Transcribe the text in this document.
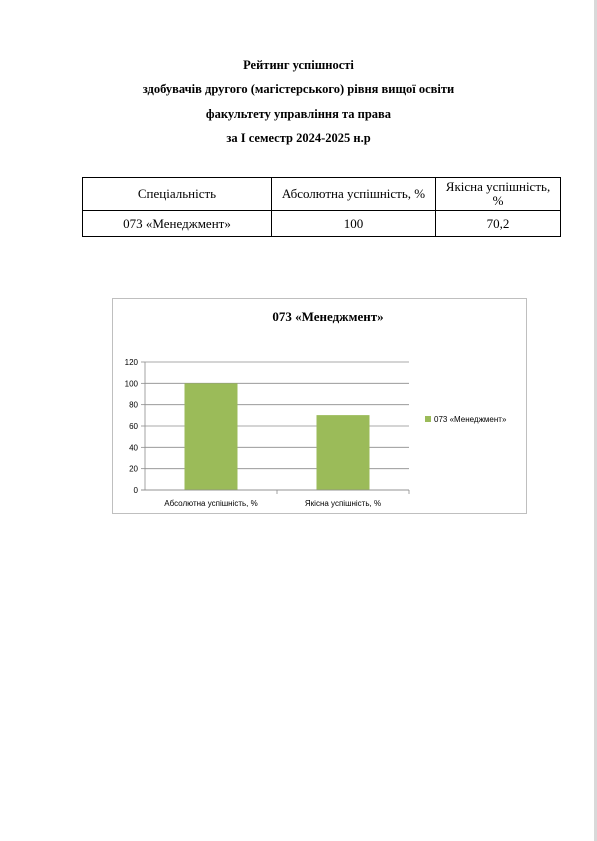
Рейтинг успішності
здобувачів другого (магістерського) рівня вищої освіти
факультету управління та права
за І семестр 2024-2025 н.р
Спеціальність	Абсолютна успішність, %	Якісна успішність, %
073 «Менеджмент»	100	70,2
073 «Менеджмент»
0
20
40
60
80
100
120
Абсолютна успішність, %	Якісна успішність, %
073 «Менеджмент»
